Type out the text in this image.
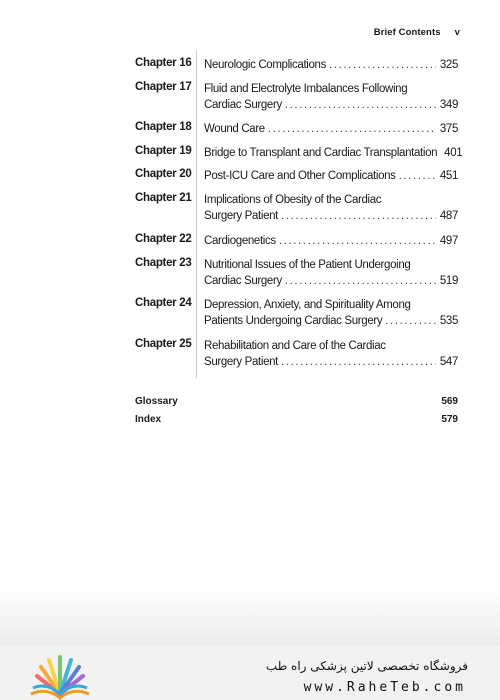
Brief Contents v
Chapter 16 Neurologic Complications .....	325
Chapter 17 Fluid and Electrolyte Imbalances Following
Cardiac Surgery .....	349
Chapter 18 Wound Care .....	375
Chapter 19 Bridge to Transplant and Cardiac Transplantation 401
Chapter 20 Post-ICU Care and Other Complications .....	451
Chapter 21 Implications of Obesity of the Cardiac
Surgery Patient .....	487
Chapter 22 Cardiogenetics .....	497
Chapter 23 Nutritional Issues of the Patient Undergoing
Cardiac Surgery .....	519
Chapter 24 Depression, Anxiety, and Spirituality Among
Patients Undergoing Cardiac Surgery .....	535
Chapter 25 Rehabilitation and Care of the Cardiac
Surgery Patient .....	547
Glossary	569
Index	579
فروشگاه تخصصی لاتین پزشکی راه طب
www.RaheTeb.com
